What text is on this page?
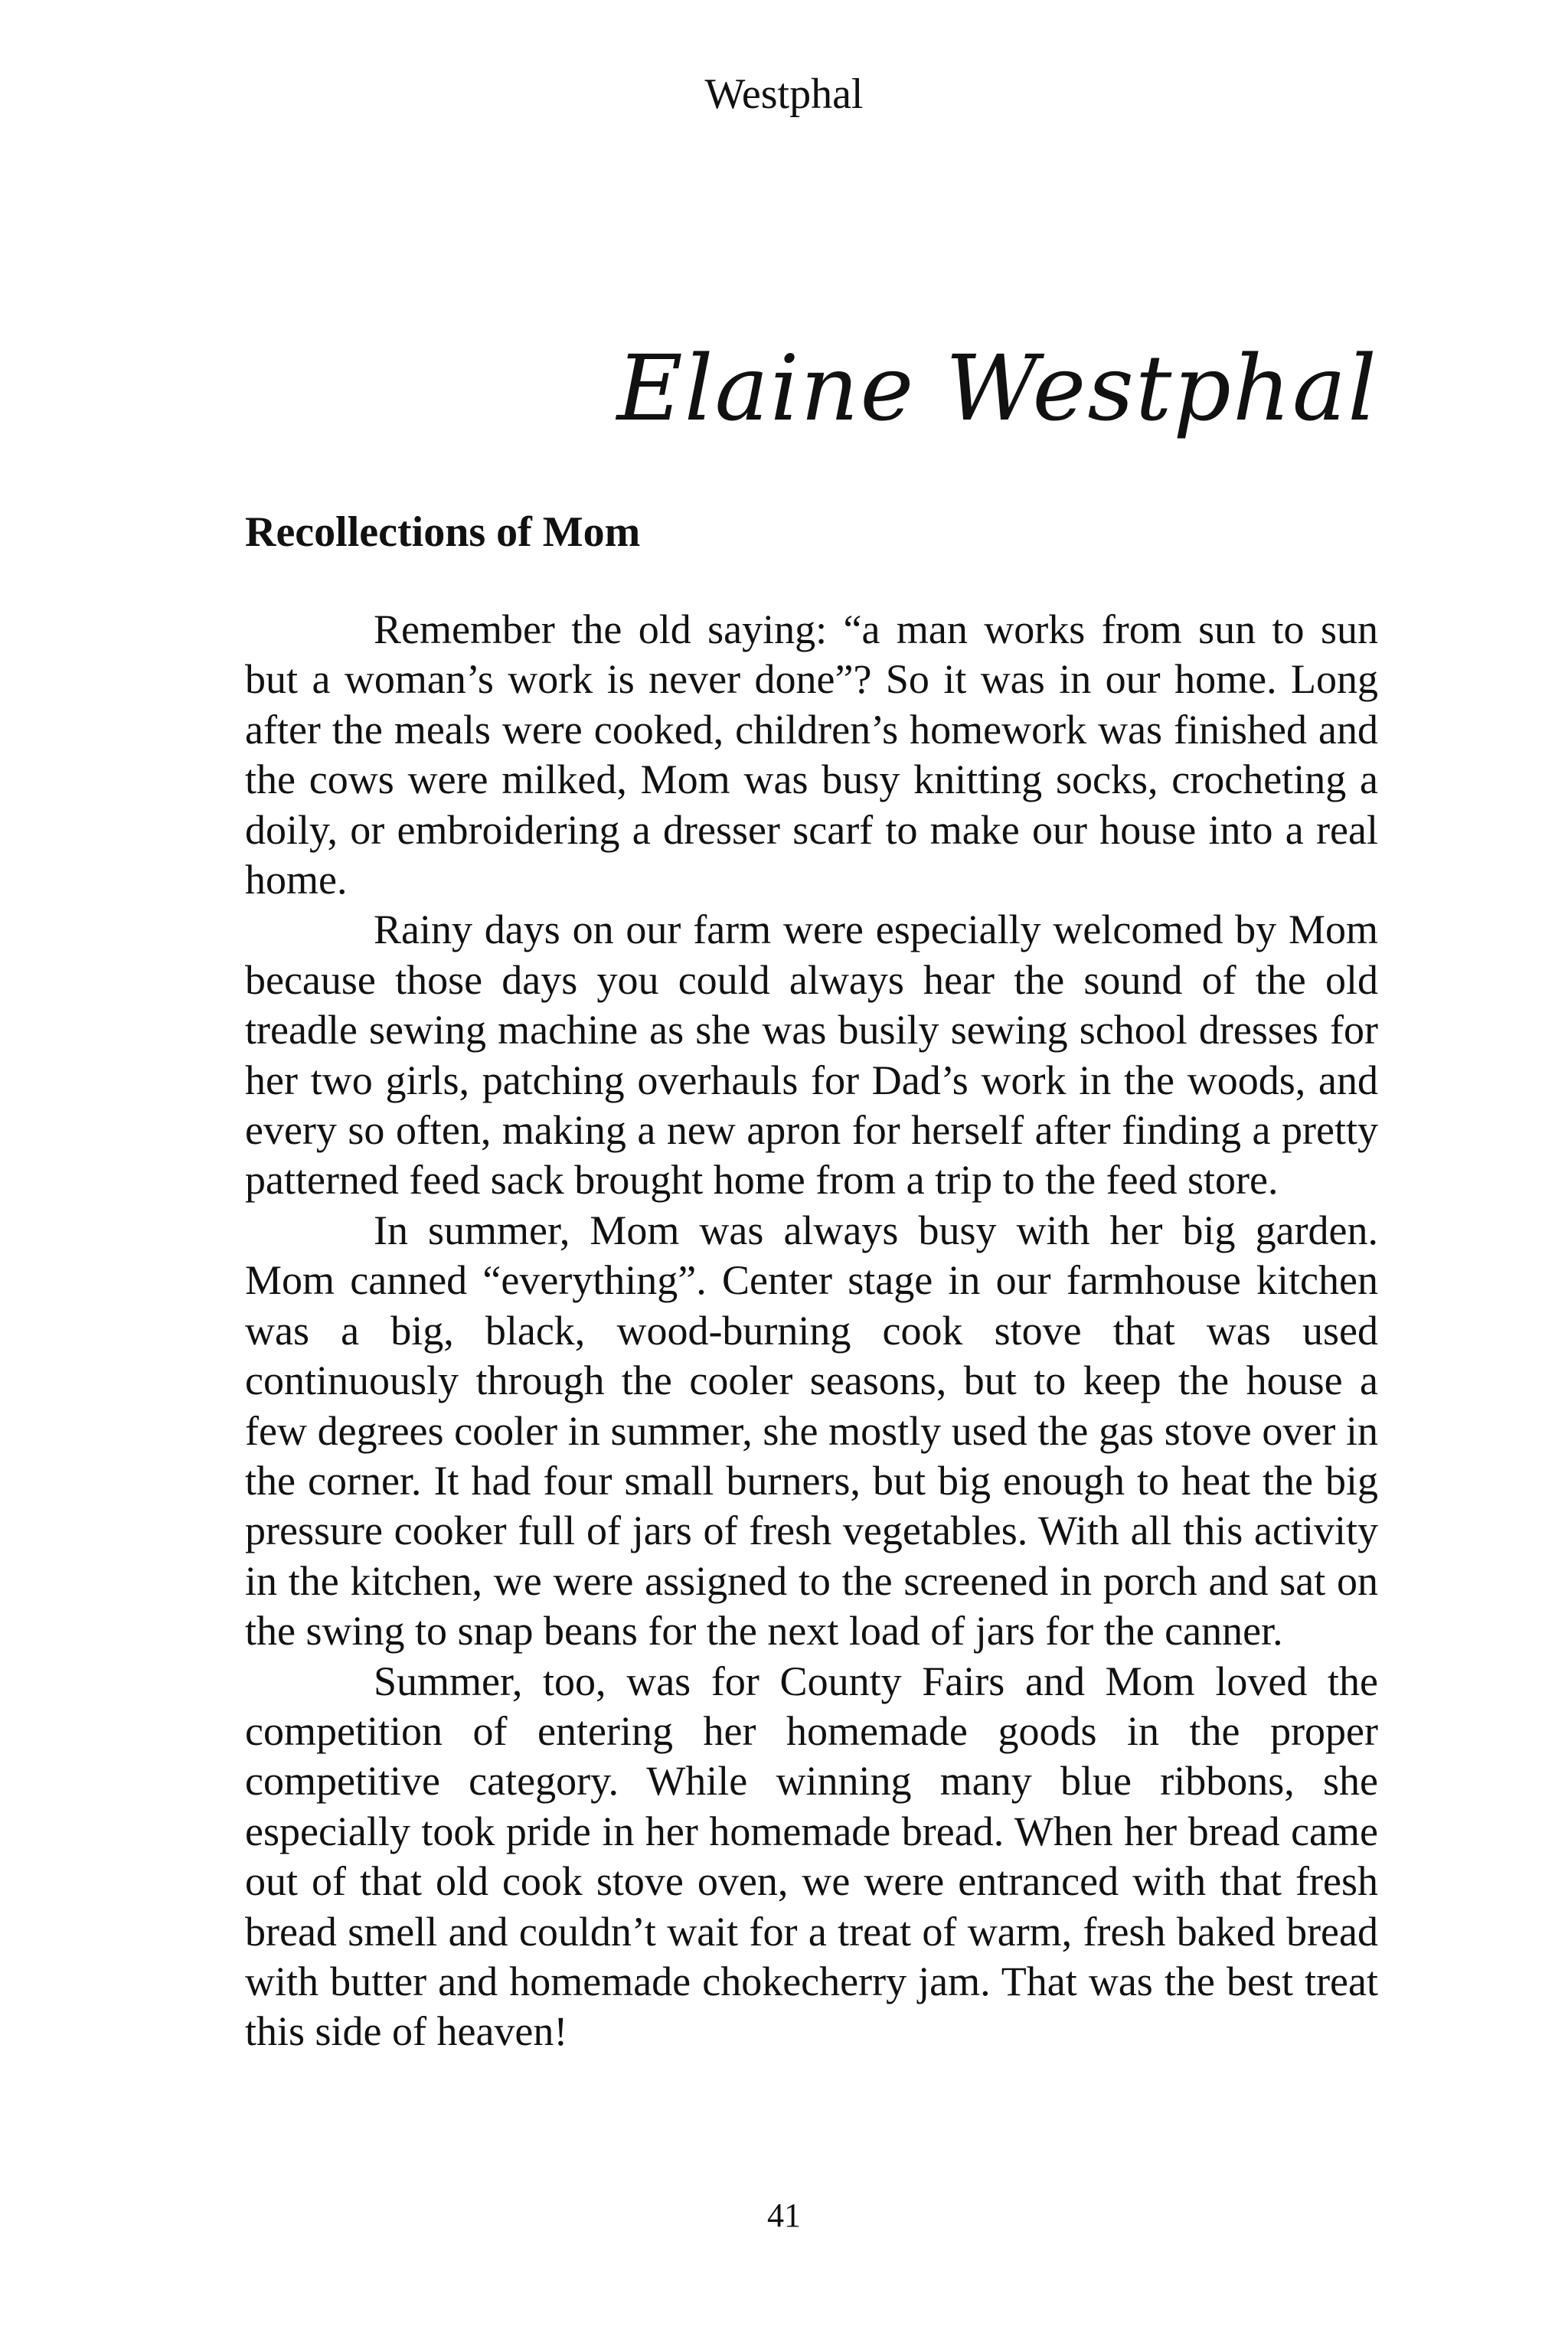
Westphal
Elaine Westphal
Recollections of Mom

Remember the old saying: “a man works from sun to sun but a woman’s work is never done”? So it was in our home. Long after the meals were cooked, children’s homework was finished and the cows were milked, Mom was busy knitting socks, crocheting a doily, or embroidering a dresser scarf to make our house into a real home.

Rainy days on our farm were especially welcomed by Mom because those days you could always hear the sound of the old treadle sewing machine as she was busily sewing school dresses for her two girls, patching overhauls for Dad’s work in the woods, and every so often, making a new apron for herself after finding a pretty patterned feed sack brought home from a trip to the feed store.

In summer, Mom was always busy with her big garden. Mom canned “everything”. Center stage in our farmhouse kitchen was a big, black, wood-burning cook stove that was used continuously through the cooler seasons, but to keep the house a few degrees cooler in summer, she mostly used the gas stove over in the corner. It had four small burners, but big enough to heat the big pressure cooker full of jars of fresh vegetables. With all this activity in the kitchen, we were assigned to the screened in porch and sat on the swing to snap beans for the next load of jars for the canner.

Summer, too, was for County Fairs and Mom loved the competition of entering her homemade goods in the proper competitive category. While winning many blue ribbons, she especially took pride in her homemade bread. When her bread came out of that old cook stove oven, we were entranced with that fresh bread smell and couldn’t wait for a treat of warm, fresh baked bread with butter and homemade chokecherry jam. That was the best treat this side of heaven!

41
